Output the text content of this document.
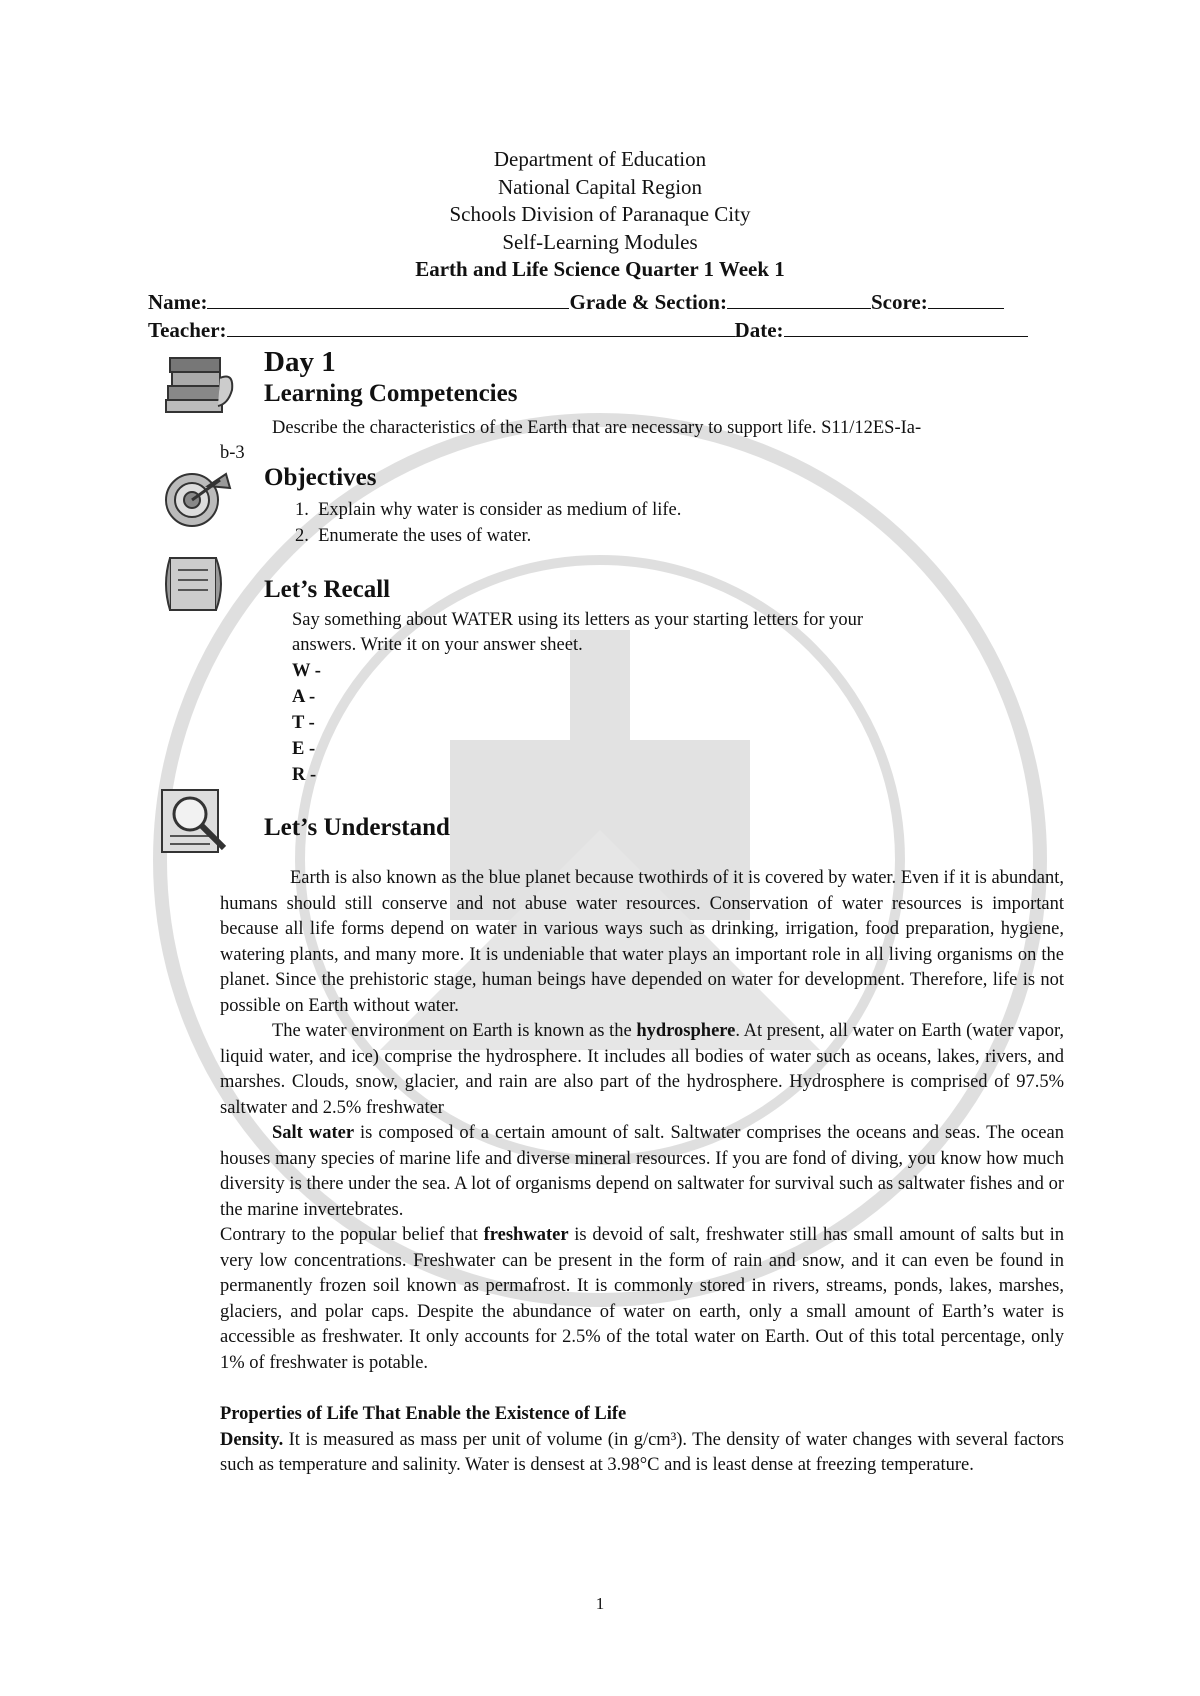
Department of Education
National Capital Region
Schools Division of Paranaque City
Self-Learning Modules
Earth and Life Science Quarter 1 Week 1
Name:	Grade & Section:	Score:
Teacher:	Date:
Day 1
Learning Competencies
Describe the characteristics of the Earth that are necessary to support life. S11/12ES-Ia-
b-3
Objectives
1. Explain why water is consider as medium of life.
2. Enumerate the uses of water.
Let’s Recall
Say something about WATER using its letters as your starting letters for your
answers. Write it on your answer sheet.
W -
A -
T -
E -
R -
Let’s Understand

Earth is also known as the blue planet because twothirds of it is covered by water. Even if it is abundant, humans should still conserve and not abuse water resources. Conservation of water resources is important because all life forms depend on water in various ways such as drinking, irrigation, food preparation, hygiene, watering plants, and many more. It is undeniable that water plays an important role in all living organisms on the planet. Since the prehistoric stage, human beings have depended on water for development. Therefore, life is not possible on Earth without water.

The water environment on Earth is known as the hydrosphere. At present, all water on Earth (water vapor, liquid water, and ice) comprise the hydrosphere. It includes all bodies of water such as oceans, lakes, rivers, and marshes. Clouds, snow, glacier, and rain are also part of the hydrosphere. Hydrosphere is comprised of 97.5% saltwater and 2.5% freshwater

Salt water is composed of a certain amount of salt. Saltwater comprises the oceans and seas. The ocean houses many species of marine life and diverse mineral resources. If you are fond of diving, you know how much diversity is there under the sea. A lot of organisms depend on saltwater for survival such as saltwater fishes and or the marine invertebrates.

Contrary to the popular belief that freshwater is devoid of salt, freshwater still has small amount of salts but in very low concentrations. Freshwater can be present in the form of rain and snow, and it can even be found in permanently frozen soil known as permafrost. It is commonly stored in rivers, streams, ponds, lakes, marshes, glaciers, and polar caps. Despite the abundance of water on earth, only a small amount of Earth’s water is accessible as freshwater. It only accounts for 2.5% of the total water on Earth. Out of this total percentage, only 1% of freshwater is potable.

Properties of Life That Enable the Existence of Life

Density. It is measured as mass per unit of volume (in g/cm³). The density of water changes with several factors such as temperature and salinity. Water is densest at 3.98°C and is least dense at freezing temperature.

1
